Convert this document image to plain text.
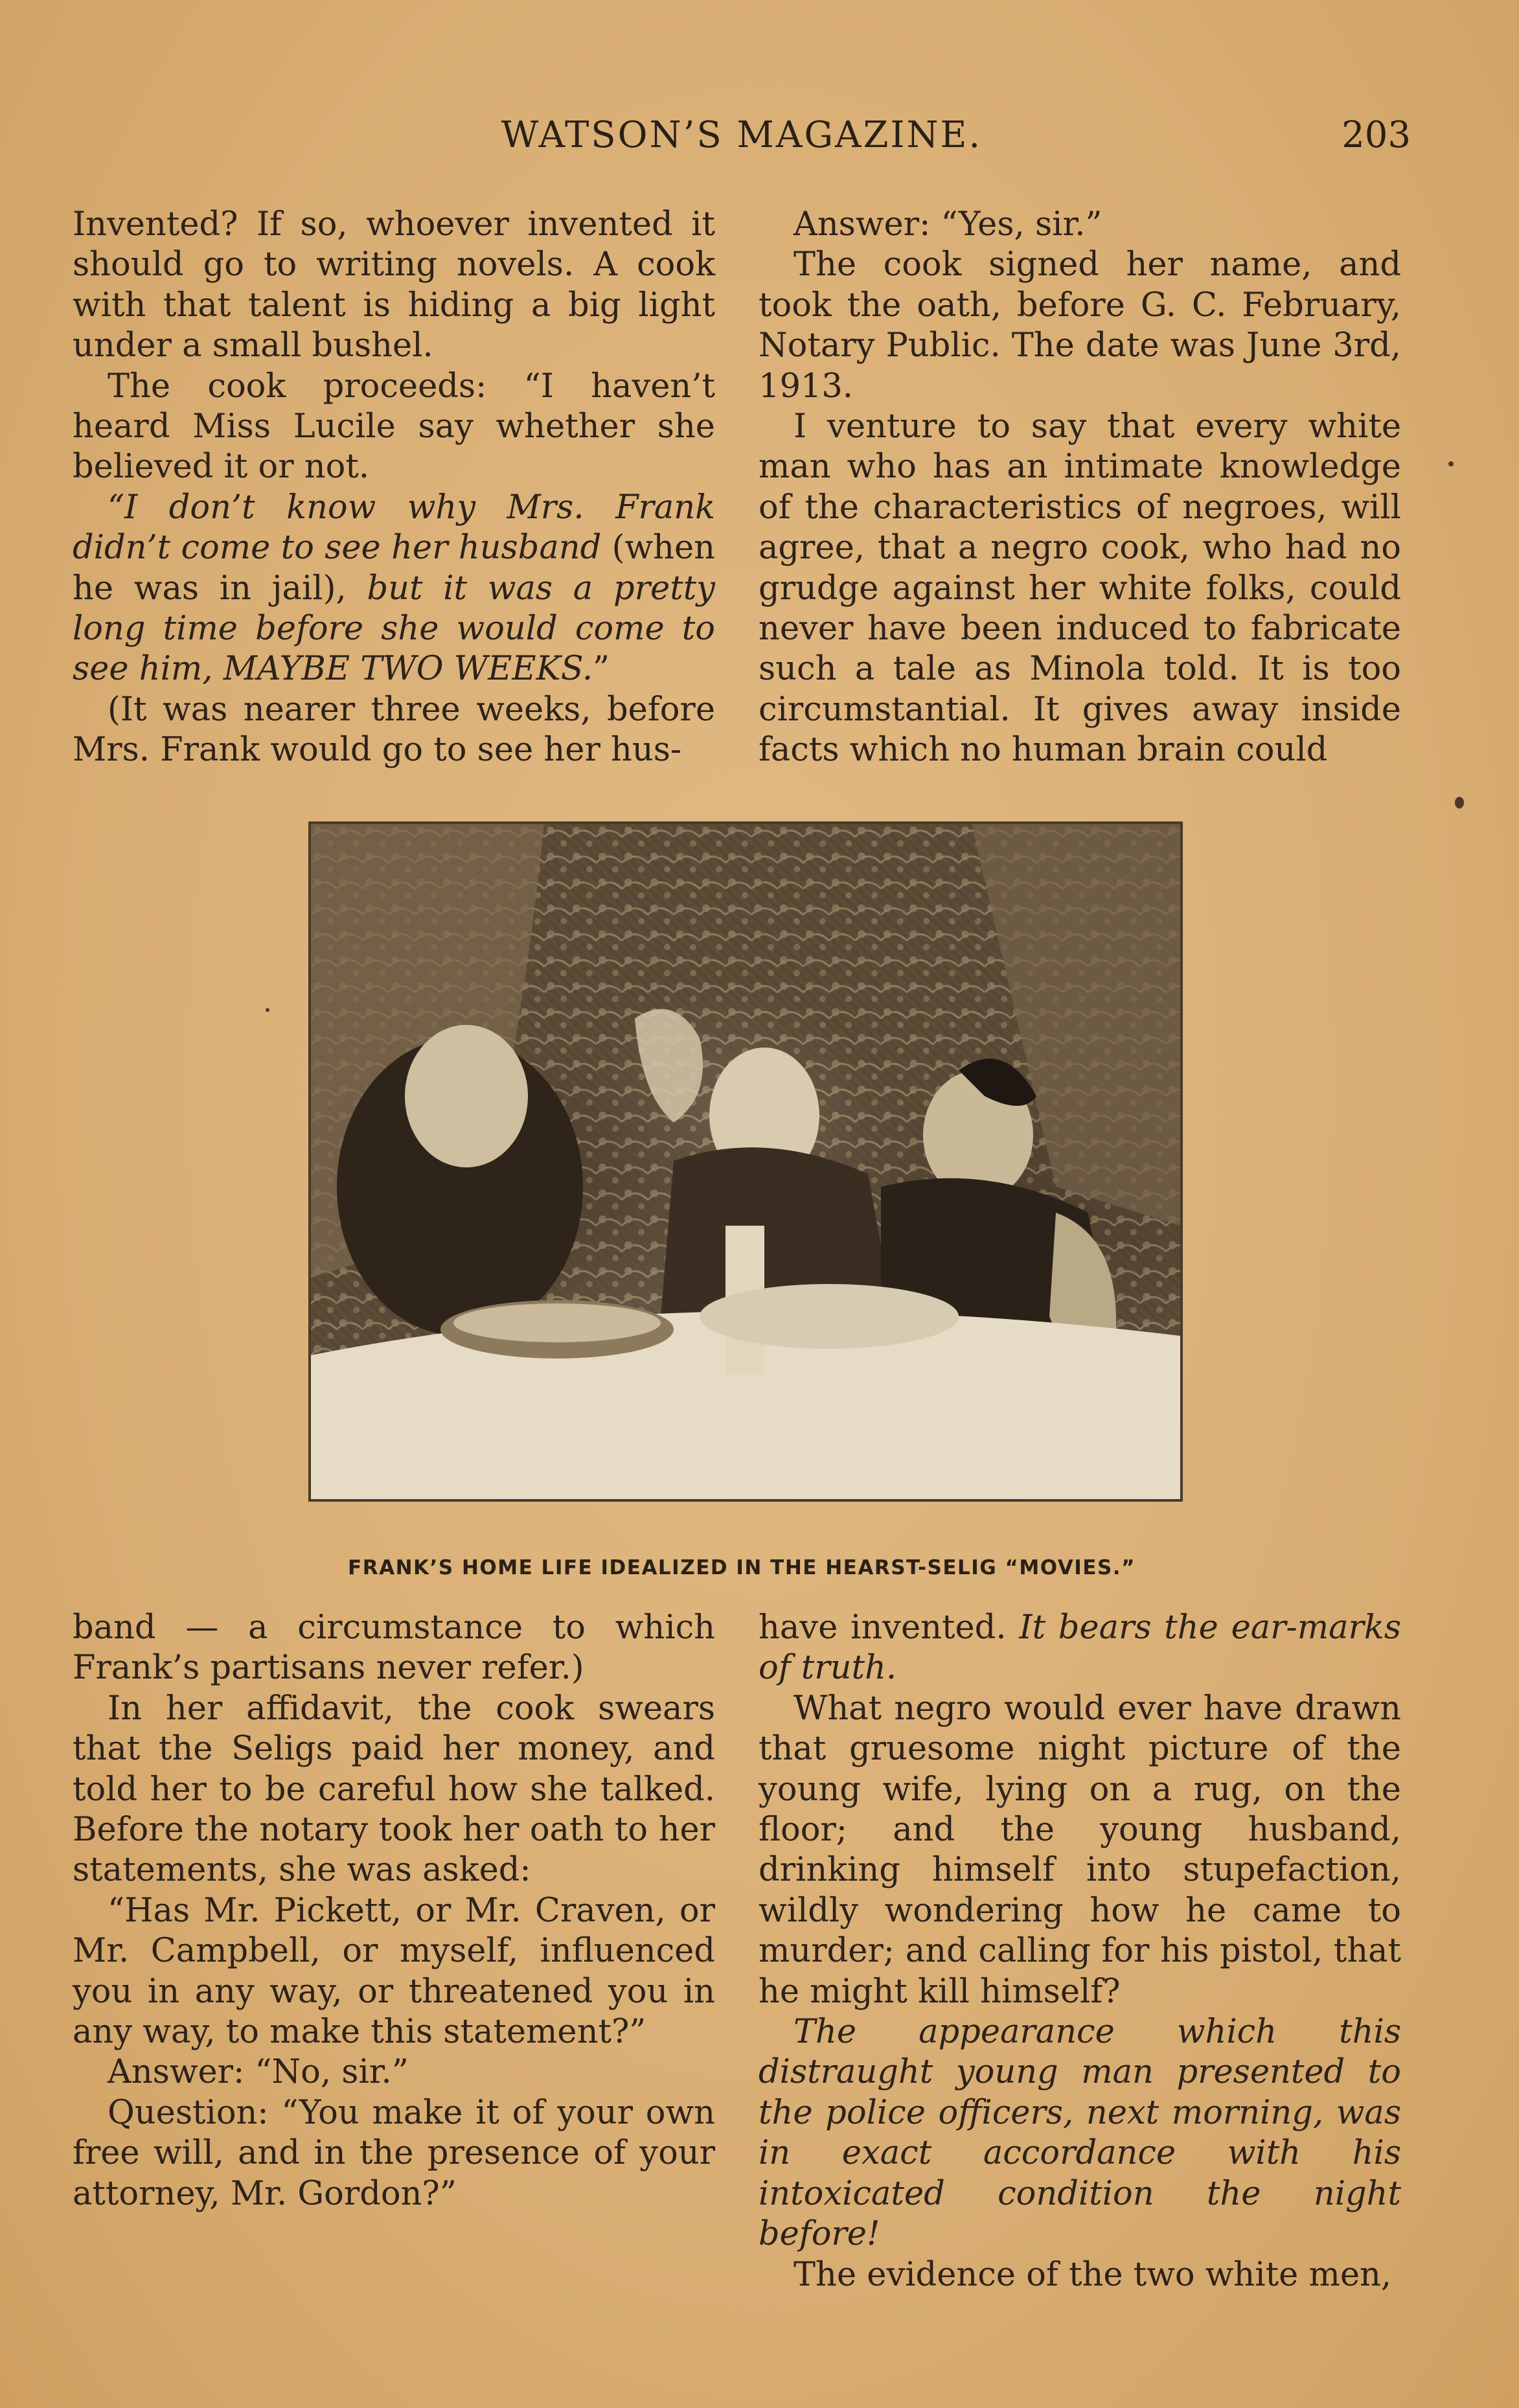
WATSON’S MAGAZINE.	203

Invented? If so, whoever invented it should go to writing novels. A cook with that talent is hiding a big light under a small bushel.

The cook proceeds: “I haven’t heard Miss Lucile say whether she believed it or not.

“I don’t know why Mrs. Frank didn’t come to see her husband (when he was in jail), but it was a pretty long time before she would come to see him, MAYBE TWO WEEKS.”

(It was nearer three weeks, before Mrs. Frank would go to see her hus-

Answer: “Yes, sir.”

The cook signed her name, and took the oath, before G. C. February, Notary Public. The date was June 3rd, 1913.

I venture to say that every white man who has an intimate knowledge of the characteristics of negroes, will agree, that a negro cook, who had no grudge against her white folks, could never have been induced to fabricate such a tale as Minola told. It is too circumstantial. It gives away inside facts which no human brain could

FRANK’S HOME LIFE IDEALIZED IN THE HEARST-SELIG “MOVIES.”

band — a circumstance to which Frank’s partisans never refer.)

In her affidavit, the cook swears that the Seligs paid her money, and told her to be careful how she talked. Before the notary took her oath to her statements, she was asked:

“Has Mr. Pickett, or Mr. Craven, or Mr. Campbell, or myself, influenced you in any way, or threatened you in any way, to make this statement?”

Answer: “No, sir.”

Question: “You make it of your own free will, and in the presence of your attorney, Mr. Gordon?”

have invented. It bears the ear-marks of truth.

What negro would ever have drawn that gruesome night picture of the young wife, lying on a rug, on the floor; and the young husband, drinking himself into stupefaction, wildly wondering how he came to murder; and calling for his pistol, that he might kill himself?

The appearance which this distraught young man presented to the police officers, next morning, was in exact accordance with his intoxicated condition the night before!

The evidence of the two white men,
